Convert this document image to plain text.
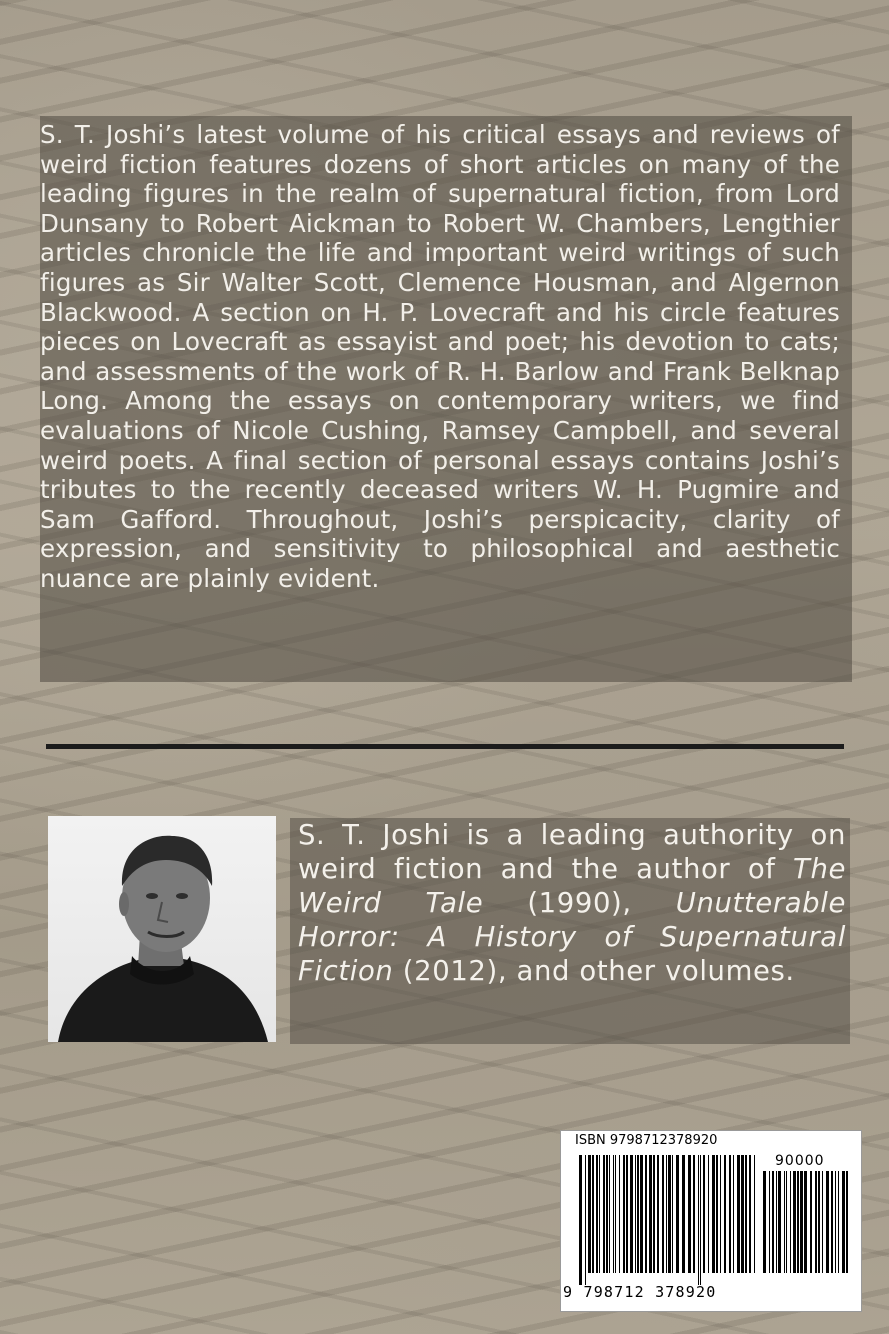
S. T. Joshi’s latest volume of his critical essays and reviews of weird fiction features dozens of short articles on many of the leading figures in the realm of supernatural fiction, from Lord Dunsany to Robert Aickman to Robert W. Chambers, Lengthier articles chronicle the life and important weird writings of such figures as Sir Walter Scott, Clemence Housman, and Algernon Blackwood. A section on H. P. Lovecraft and his circle features pieces on Lovecraft as essayist and poet; his devotion to cats; and assessments of the work of R. H. Barlow and Frank Belknap Long. Among the essays on contemporary writers, we find evaluations of Nicole Cushing, Ramsey Campbell, and several weird poets. A final section of personal essays contains Joshi’s tributes to the recently deceased writers W. H. Pugmire and Sam Gafford. Throughout, Joshi’s perspicacity, clarity of expression, and sensitivity to philosophical and aesthetic nuance are plainly evident.
S. T. Joshi is a leading authority on weird fiction and the author of The Weird Tale (1990), Unutterable Horror: A History of Supernatural Fiction (2012), and other volumes.
ISBN 9798712378920
90000
9 798712 378920
